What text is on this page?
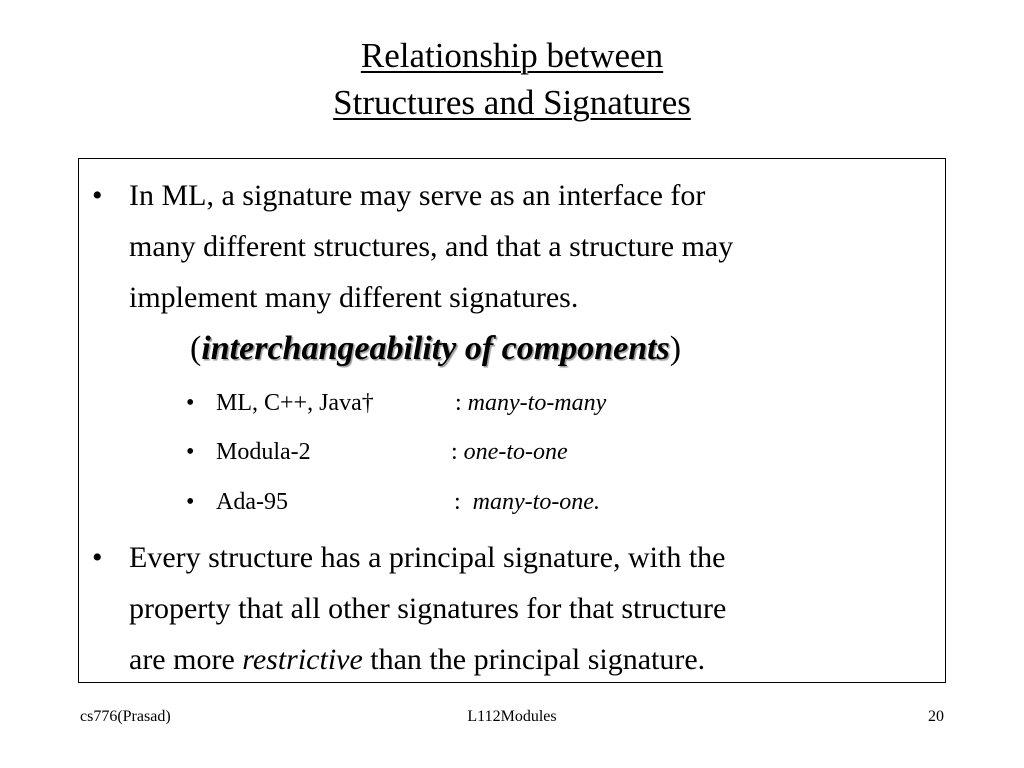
Relationship between
Structures and Signatures
• In ML, a signature may serve as an interface for
many different structures, and that a structure may
implement many different signatures.
(interchangeability of components)
• ML, C++, Java†	: many-to-many
• Modula-2	: one-to-one
• Ada-95	: many-to-one.
• Every structure has a principal signature, with the
property that all other signatures for that structure
are more restrictive than the principal signature.
cs776(Prasad)	L112Modules	20
